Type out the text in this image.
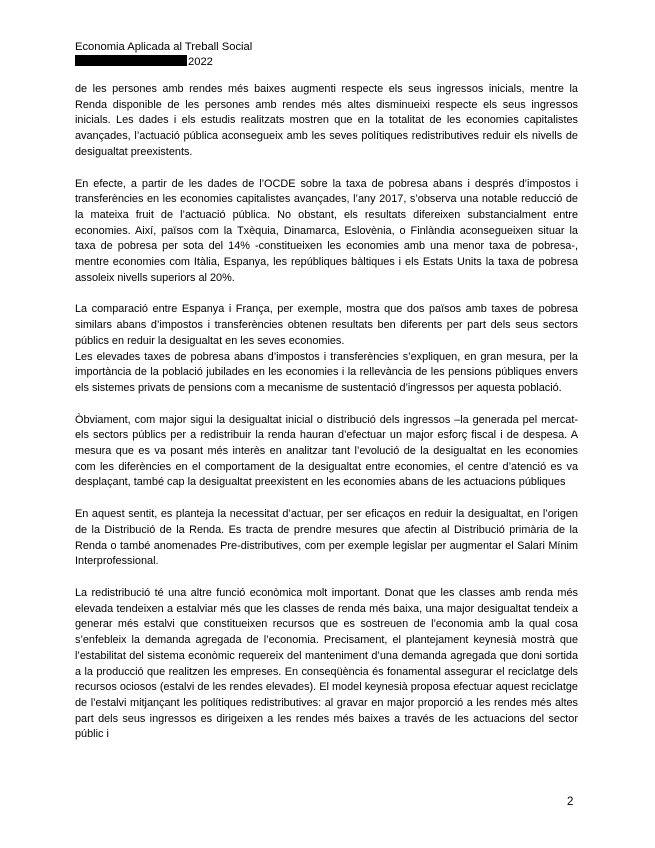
Economia Aplicada al Treball Social
2022

de les persones amb rendes més baixes augmenti respecte els seus ingressos inicials, mentre la Renda disponible de les persones amb rendes més altes disminueixi respecte els seus ingressos inicials. Les dades i els estudis realitzats mostren que en la totalitat de les economies capitalistes avançades, l’actuació pública aconsegueix amb les seves polítiques redistributives reduir els nivells de desigualtat preexistents.

En efecte, a partir de les dades de l’OCDE sobre la taxa de pobresa abans i després d’impostos i transferències en les economies capitalistes avançades, l’any 2017, s’observa una notable reducció de la mateixa fruit de l’actuació pública. No obstant, els resultats difereixen substancialment entre economies. Així, països com la Txèquia, Dinamarca, Eslovènia, o Finlàndia aconsegueixen situar la taxa de pobresa per sota del 14% -constitueixen les economies amb una menor taxa de pobresa-, mentre economies com Itàlia, Espanya, les repúbliques bàltiques i els Estats Units la taxa de pobresa assoleix nivells superiors al 20%.

La comparació entre Espanya i França, per exemple, mostra que dos països amb taxes de pobresa similars abans d’impostos i transferències obtenen resultats ben diferents per part dels seus sectors públics en reduir la desigualtat en les seves economies.

Les elevades taxes de pobresa abans d’impostos i transferències s’expliquen, en gran mesura, per la importància de la població jubilades en les economies i la rellevància de les pensions públiques envers els sistemes privats de pensions com a mecanisme de sustentació d’ingressos per aquesta població.

Òbviament, com major sigui la desigualtat inicial o distribució dels ingressos –la generada pel mercat- els sectors públics per a redistribuir la renda hauran d’efectuar un major esforç fiscal i de despesa. A mesura que es va posant més interès en analitzar tant l’evolució de la desigualtat en les economies com les diferències en el comportament de la desigualtat entre economies, el centre d’atenció es va desplaçant, també cap la desigualtat preexistent en les economies abans de les actuacions públiques

En aquest sentit, es planteja la necessitat d’actuar, per ser eficaços en reduir la desigualtat, en l’origen de la Distribució de la Renda. Es tracta de prendre mesures que afectin al Distribució primària de la Renda o també anomenades Pre-distributives, com per exemple legislar per augmentar el Salari Mínim Interprofessional.

La redistribució té una altre funció econòmica molt important. Donat que les classes amb renda més elevada tendeixen a estalviar més que les classes de renda més baixa, una major desigualtat tendeix a generar més estalvi que constitueixen recursos que es sostreuen de l’economia amb la qual cosa s’enfebleix la demanda agregada de l’economia. Precisament, el plantejament keynesià mostrà que l’estabilitat del sistema econòmic requereix del manteniment d’una demanda agregada que doni sortida a la producció que realitzen les empreses. En conseqüència és fonamental assegurar el reciclatge dels recursos ociosos (estalvi de les rendes elevades). El model keynesià proposa efectuar aquest reciclatge de l’estalvi mitjançant les polítiques redistributives: al gravar en major proporció a les rendes més altes part dels seus ingressos es dirigeixen a les rendes més baixes a través de les actuacions del sector públic i

2
